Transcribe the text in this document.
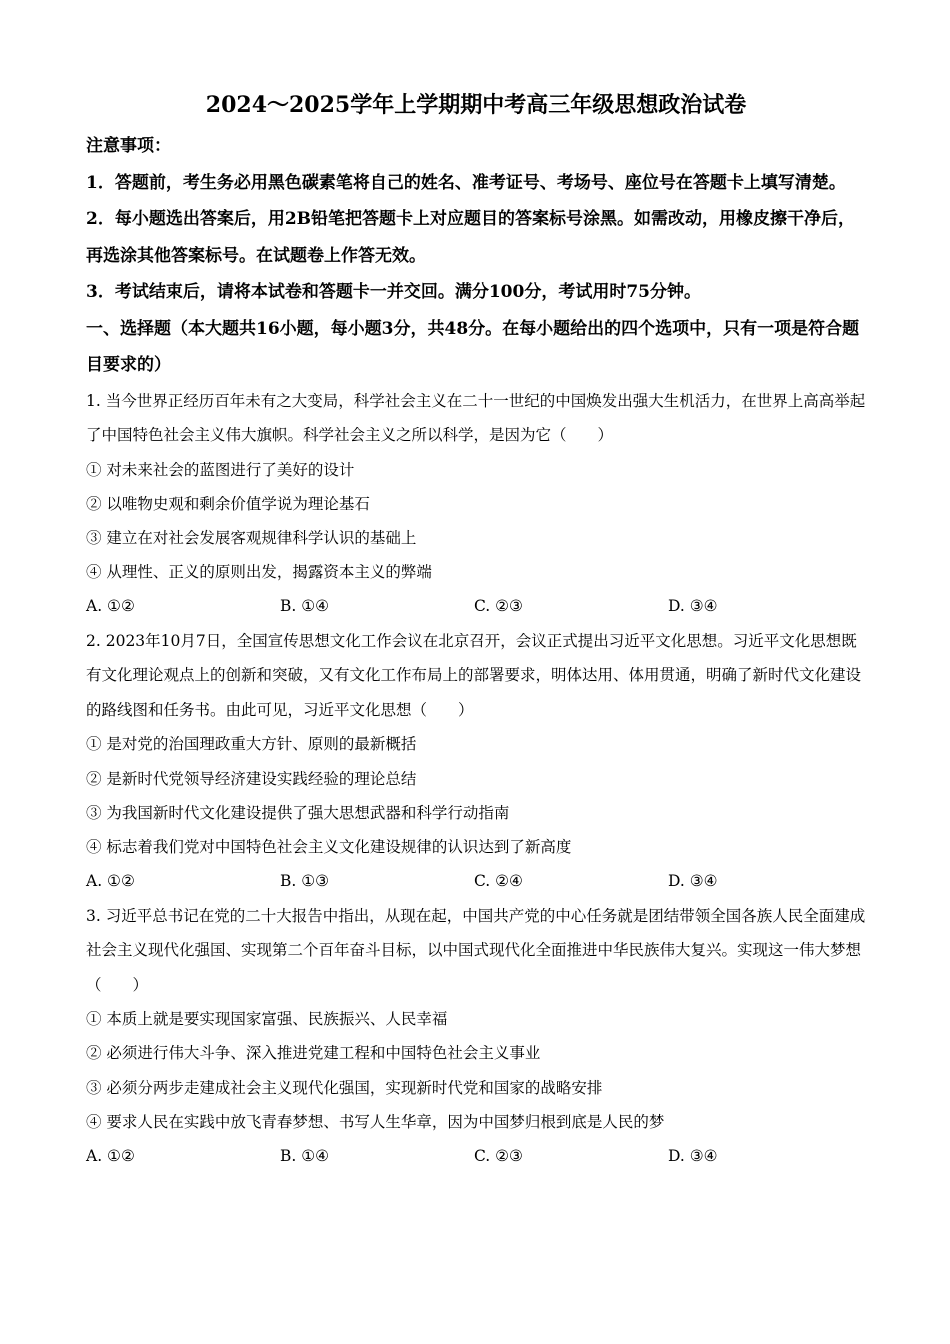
2024～2025学年上学期期中考高三年级思想政治试卷

注意事项：

1．答题前，考生务必用黑色碳素笔将自己的姓名、准考证号、考场号、座位号在答题卡上填写清楚。

2．每小题选出答案后，用2B铅笔把答题卡上对应题目的答案标号涂黑。如需改动，用橡皮擦干净后，再选涂其他答案标号。在试题卷上作答无效。

3．考试结束后，请将本试卷和答题卡一并交回。满分100分，考试用时75分钟。

一、选择题（本大题共16小题，每小题3分，共48分。在每小题给出的四个选项中，只有一项是符合题目要求的）

1. 当今世界正经历百年未有之大变局，科学社会主义在二十一世纪的中国焕发出强大生机活力，在世界上高高举起了中国特色社会主义伟大旗帜。科学社会主义之所以科学，是因为它（　　）

① 对未来社会的蓝图进行了美好的设计

② 以唯物史观和剩余价值学说为理论基石

③ 建立在对社会发展客观规律科学认识的基础上

④ 从理性、正义的原则出发，揭露资本主义的弊端

A. ①②	B. ①④	C. ②③	D. ③④

2. 2023年10月7日，全国宣传思想文化工作会议在北京召开，会议正式提出习近平文化思想。习近平文化思想既有文化理论观点上的创新和突破，又有文化工作布局上的部署要求，明体达用、体用贯通，明确了新时代文化建设的路线图和任务书。由此可见，习近平文化思想（　　）

① 是对党的治国理政重大方针、原则的最新概括

② 是新时代党领导经济建设实践经验的理论总结

③ 为我国新时代文化建设提供了强大思想武器和科学行动指南

④ 标志着我们党对中国特色社会主义文化建设规律的认识达到了新高度

A. ①②	B. ①③	C. ②④	D. ③④

3. 习近平总书记在党的二十大报告中指出，从现在起，中国共产党的中心任务就是团结带领全国各族人民全面建成社会主义现代化强国、实现第二个百年奋斗目标，以中国式现代化全面推进中华民族伟大复兴。实现这一伟大梦想（　　）

① 本质上就是要实现国家富强、民族振兴、人民幸福

② 必须进行伟大斗争、深入推进党建工程和中国特色社会主义事业

③ 必须分两步走建成社会主义现代化强国，实现新时代党和国家的战略安排

④ 要求人民在实践中放飞青春梦想、书写人生华章，因为中国梦归根到底是人民的梦

A. ①②	B. ①④	C. ②③	D. ③④
